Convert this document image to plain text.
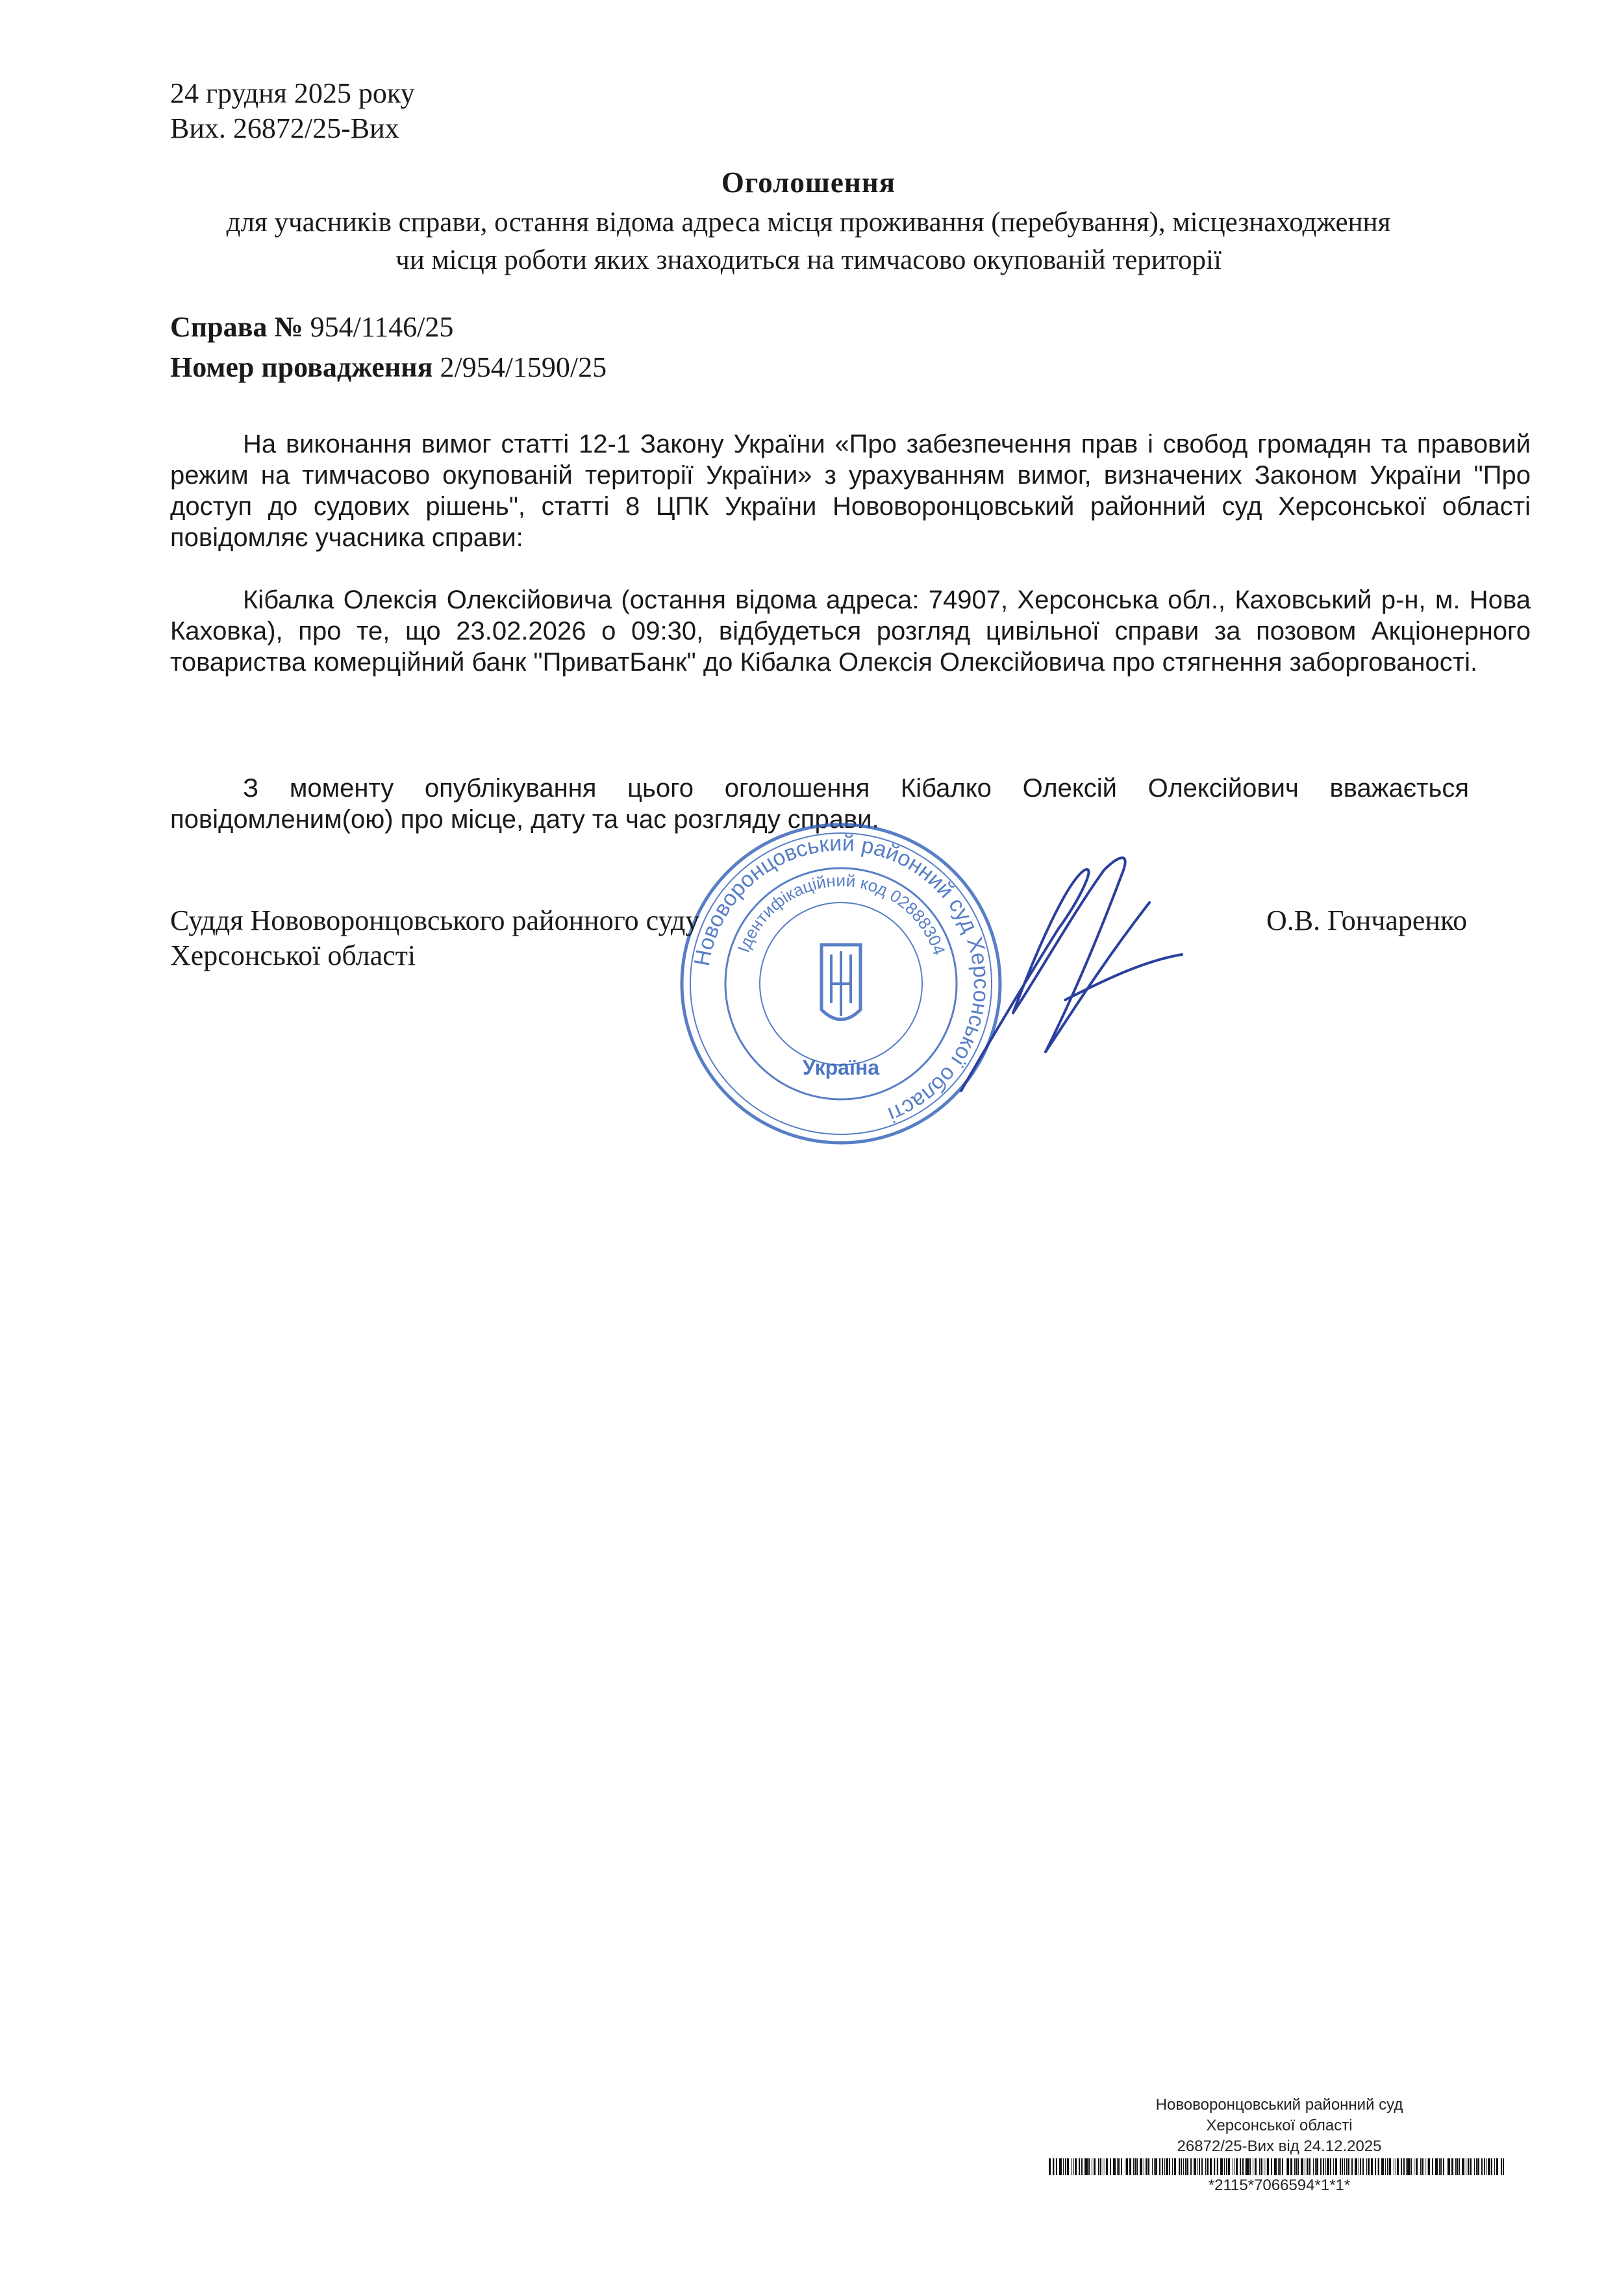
24 грудня 2025 року
Вих. 26872/25-Вих
Оголошення
для учасників справи, остання відома адреса місця проживання (перебування), місцезнаходження
чи місця роботи яких знаходиться на тимчасово окупованій території
Справа № 954/1146/25
Номер провадження 2/954/1590/25
На виконання вимог статті 12-1 Закону України «Про забезпечення прав і свобод громадян та правовий режим на тимчасово окупованій території України» з урахуванням вимог, визначених Законом України "Про доступ до судових рішень", статті 8 ЦПК України Нововоронцовський районний суд Херсонської області повідомляє учасника справи:
Кібалка Олексія Олексійовича (остання відома адреса: 74907, Херсонська обл., Каховський р-н, м. Нова Каховка), про те, що 23.02.2026 о 09:30, відбудеться розгляд цивільної справи за позовом Акціонерного товариства комерційний банк "ПриватБанк" до Кібалка Олексія Олексійовича про стягнення заборгованості.
З моменту опублікування цього оголошення Кібалко Олексій Олексійович вважається повідомленим(ою) про місце, дату та час розгляду справи.
Нововоронцовський районний суд Херсонської області
Ідентифікаційний код 02888304
Україна
Суддя Нововоронцовського районного суду
Херсонської області
О.В. Гончаренко
Нововоронцовський районний суд
Херсонської області
26872/25-Вих від 24.12.2025
*2115*7066594*1*1*
